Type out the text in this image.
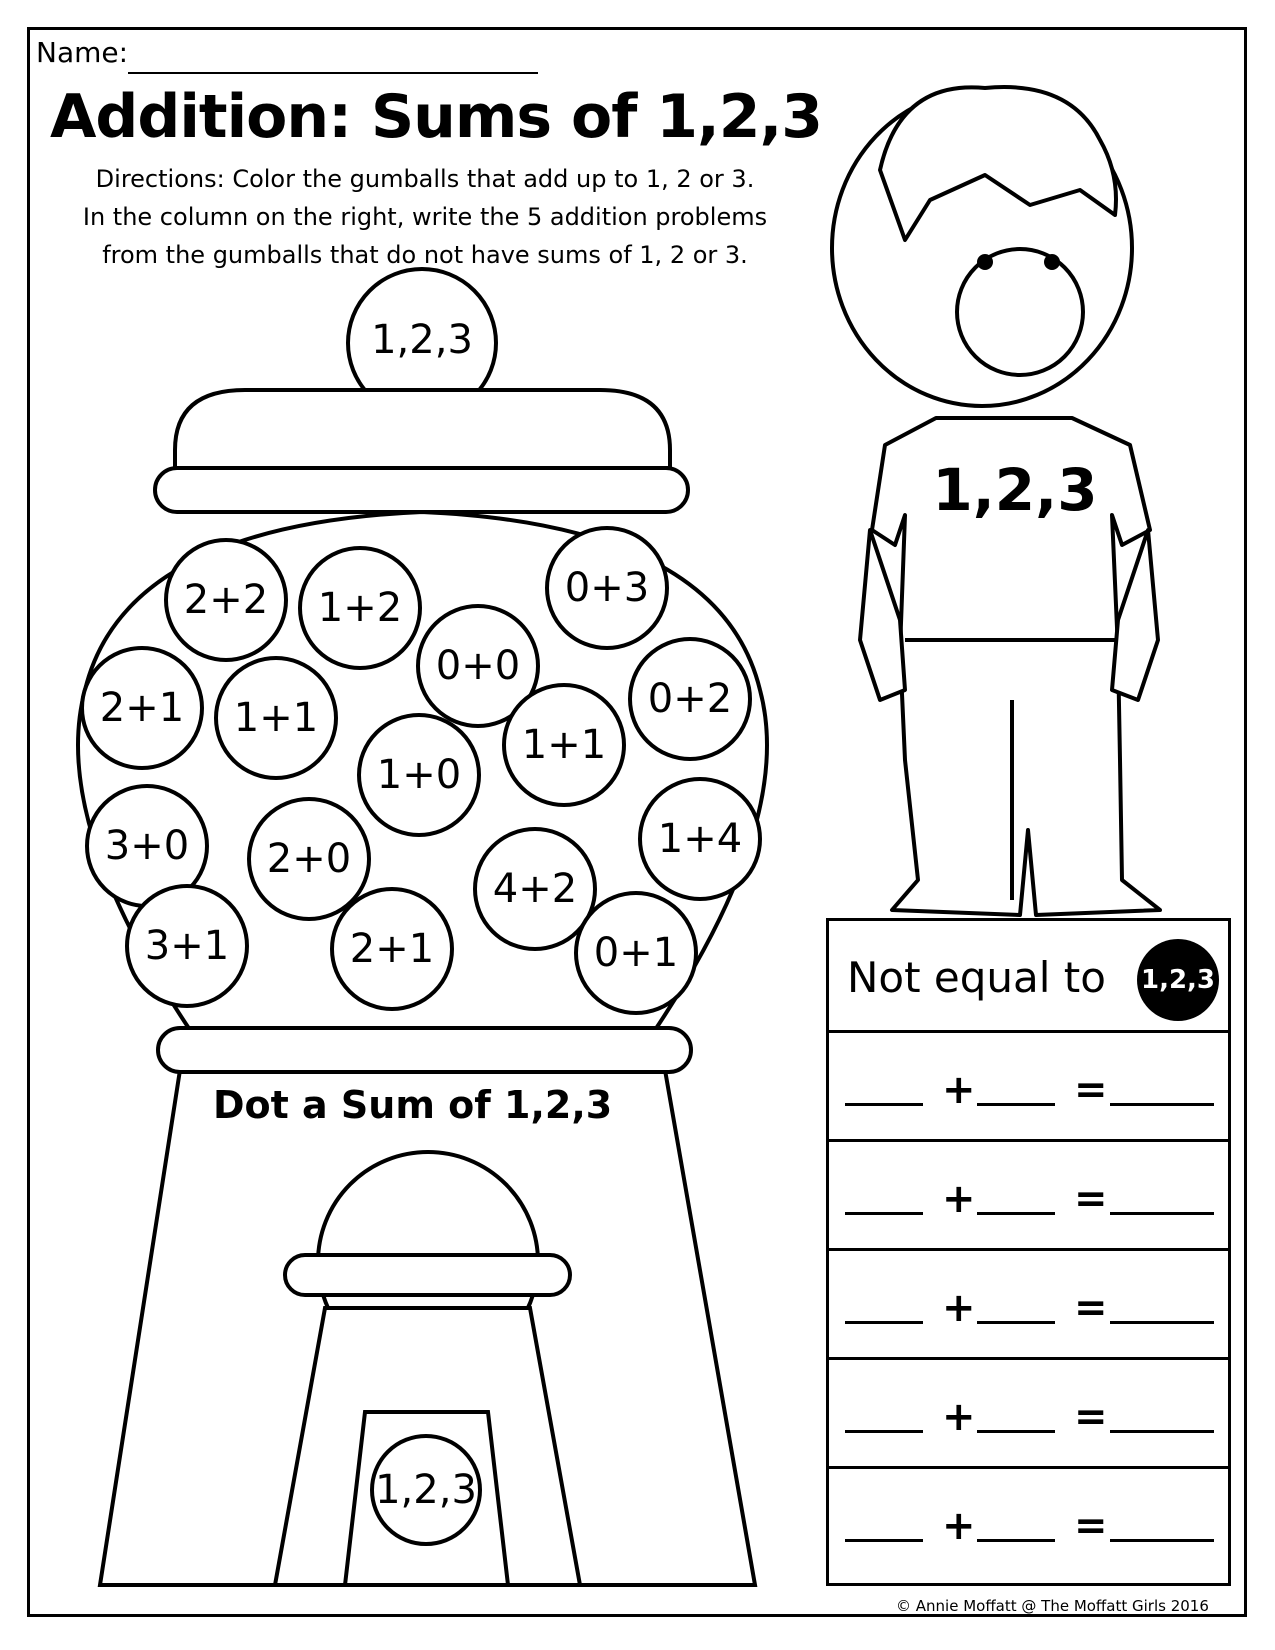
Name:
Addition: Sums of 1,2,3
Directions: Color the gumballs that add up to 1, 2 or 3.
In the column on the right, write the 5 addition problems
from the gumballs that do not have sums of 1, 2 or 3.
1,2,3
1,2,3
2+2 1+2
0+0
0+3
2+1 1+1
1+0
1+1
0+2
3+0 2+0
4+2
1+4
3+1	2+1	0+1
1,2,3
Dot a Sum of 1,2,3
Not equal to 1,2,3
+ =
+ =
+ =
+ =
+ =
© Annie Moffatt @ The Moffatt Girls 2016
